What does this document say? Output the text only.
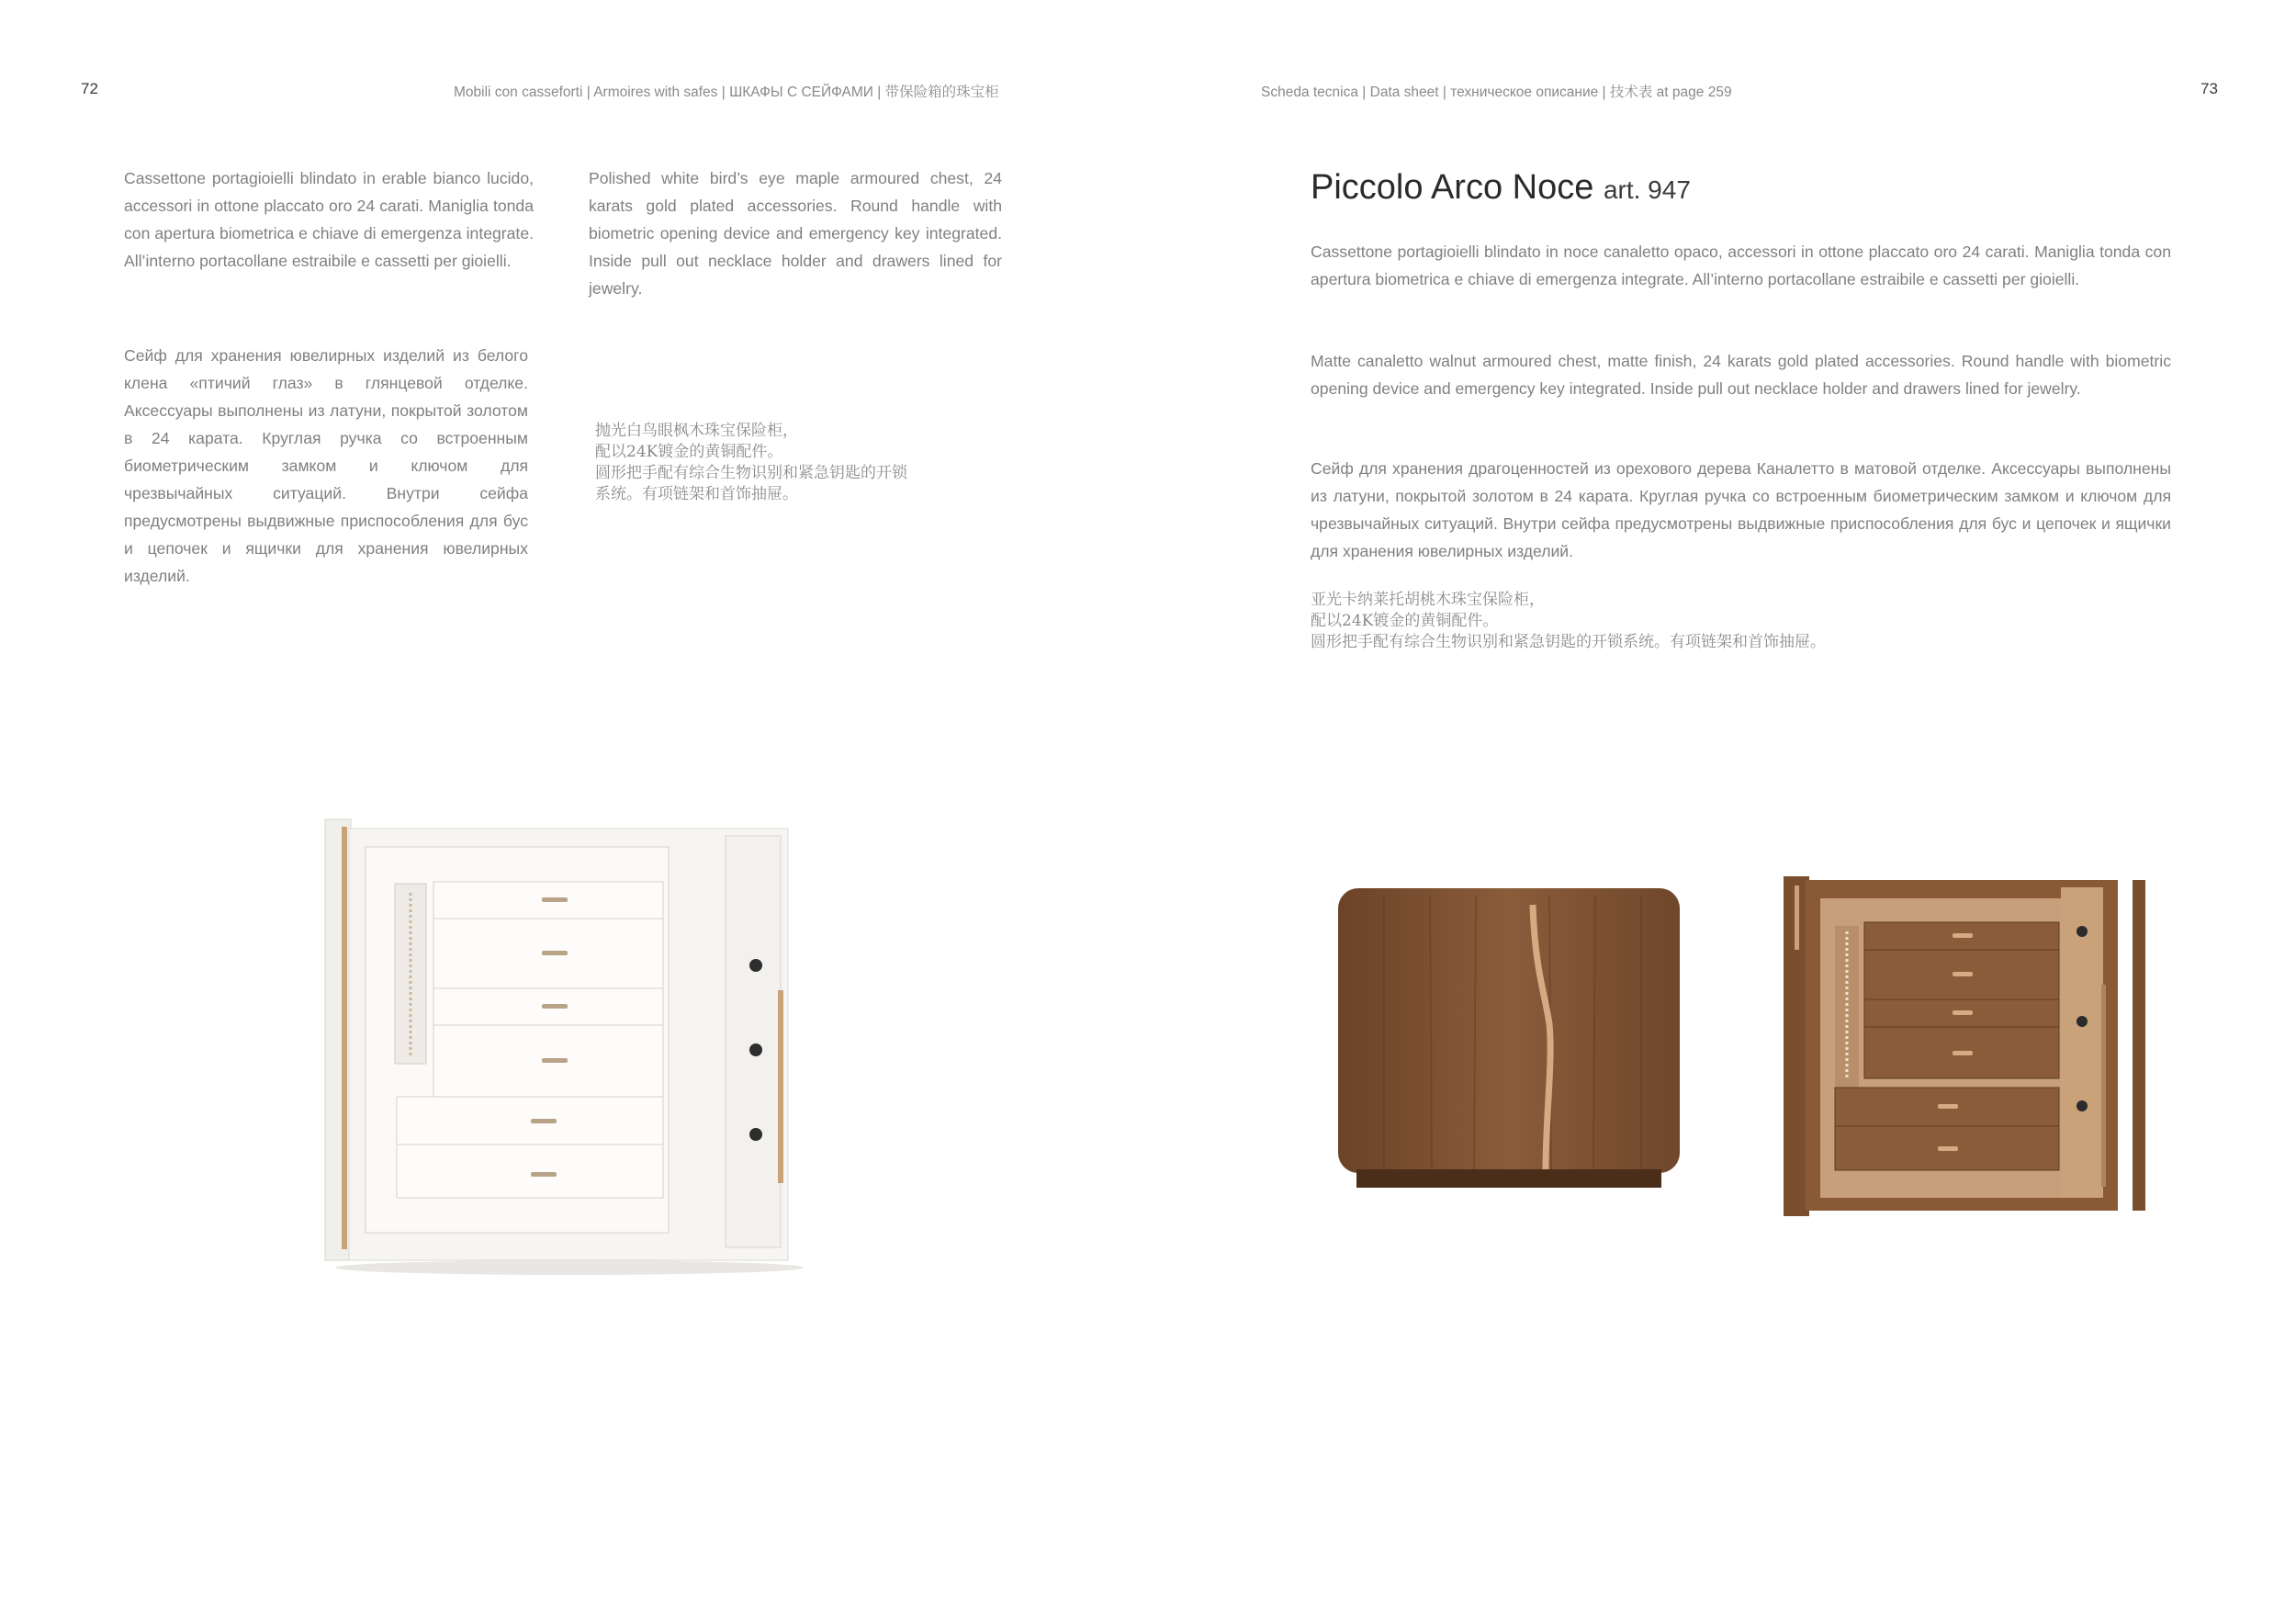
72	Mobili con casseforti | Armoires with safes | ШКАФЫ С СЕЙФАМИ | 带保险箱的珠宝柜

Cassettone portagioielli blindato in erable bianco lucido, accessori in ottone placcato oro 24 carati. Maniglia tonda con apertura biometrica e chiave di emergenza integrate. All’interno portacollane estraibile e cassetti per gioielli.

Polished white bird’s eye maple armoured chest, 24 karats gold plated accessories. Round handle with biometric opening device and emergency key integrated. Inside pull out necklace holder and drawers lined for jewelry.

Сейф для хранения ювелирных изделий из белого клена «птичий глаз» в глянцевой отделке. Аксессуары выполнены из латуни, покрытой золотом в 24 карата. Круглая ручка со встроенным биометрическим замком и ключом для чрезвычайных ситуаций. Внутри сейфа предусмотрены выдвижные приспособления для бус и цепочек и ящички для хранения ювелирных изделий.

抛光白鸟眼枫木珠宝保险柜，
配以24K镀金的黄铜配件。
圆形把手配有综合生物识别和紧急钥匙的开锁
系统。有项链架和首饰抽屉。
Scheda tecnica | Data sheet | техническое описание | 技术表 at page 259	73
Piccolo Arco Noce art. 947

Cassettone portagioielli blindato in noce canaletto opaco, accessori in ottone placcato oro 24 carati. Maniglia tonda con apertura biometrica e chiave di emergenza integrate. All’interno portacollane estraibile e cassetti per gioielli.

Matte canaletto walnut armoured chest, matte finish, 24 karats gold plated accessories. Round handle with biometric opening device and emergency key integrated. Inside pull out necklace holder and drawers lined for jewelry.

Сейф для хранения драгоценностей из орехового дерева Каналетто в матовой отделке. Аксессуары выполнены из латуни, покрытой золотом в 24 карата. Круглая ручка со встроенным биометрическим замком и ключом для чрезвычайных ситуаций. Внутри сейфа предусмотрены выдвижные приспособления для бус и цепочек и ящички для хранения ювелирных изделий.

亚光卡纳莱托胡桃木珠宝保险柜，
配以24K镀金的黄铜配件。
圆形把手配有综合生物识别和紧急钥匙的开锁系统。有项链架和首饰抽屉。
